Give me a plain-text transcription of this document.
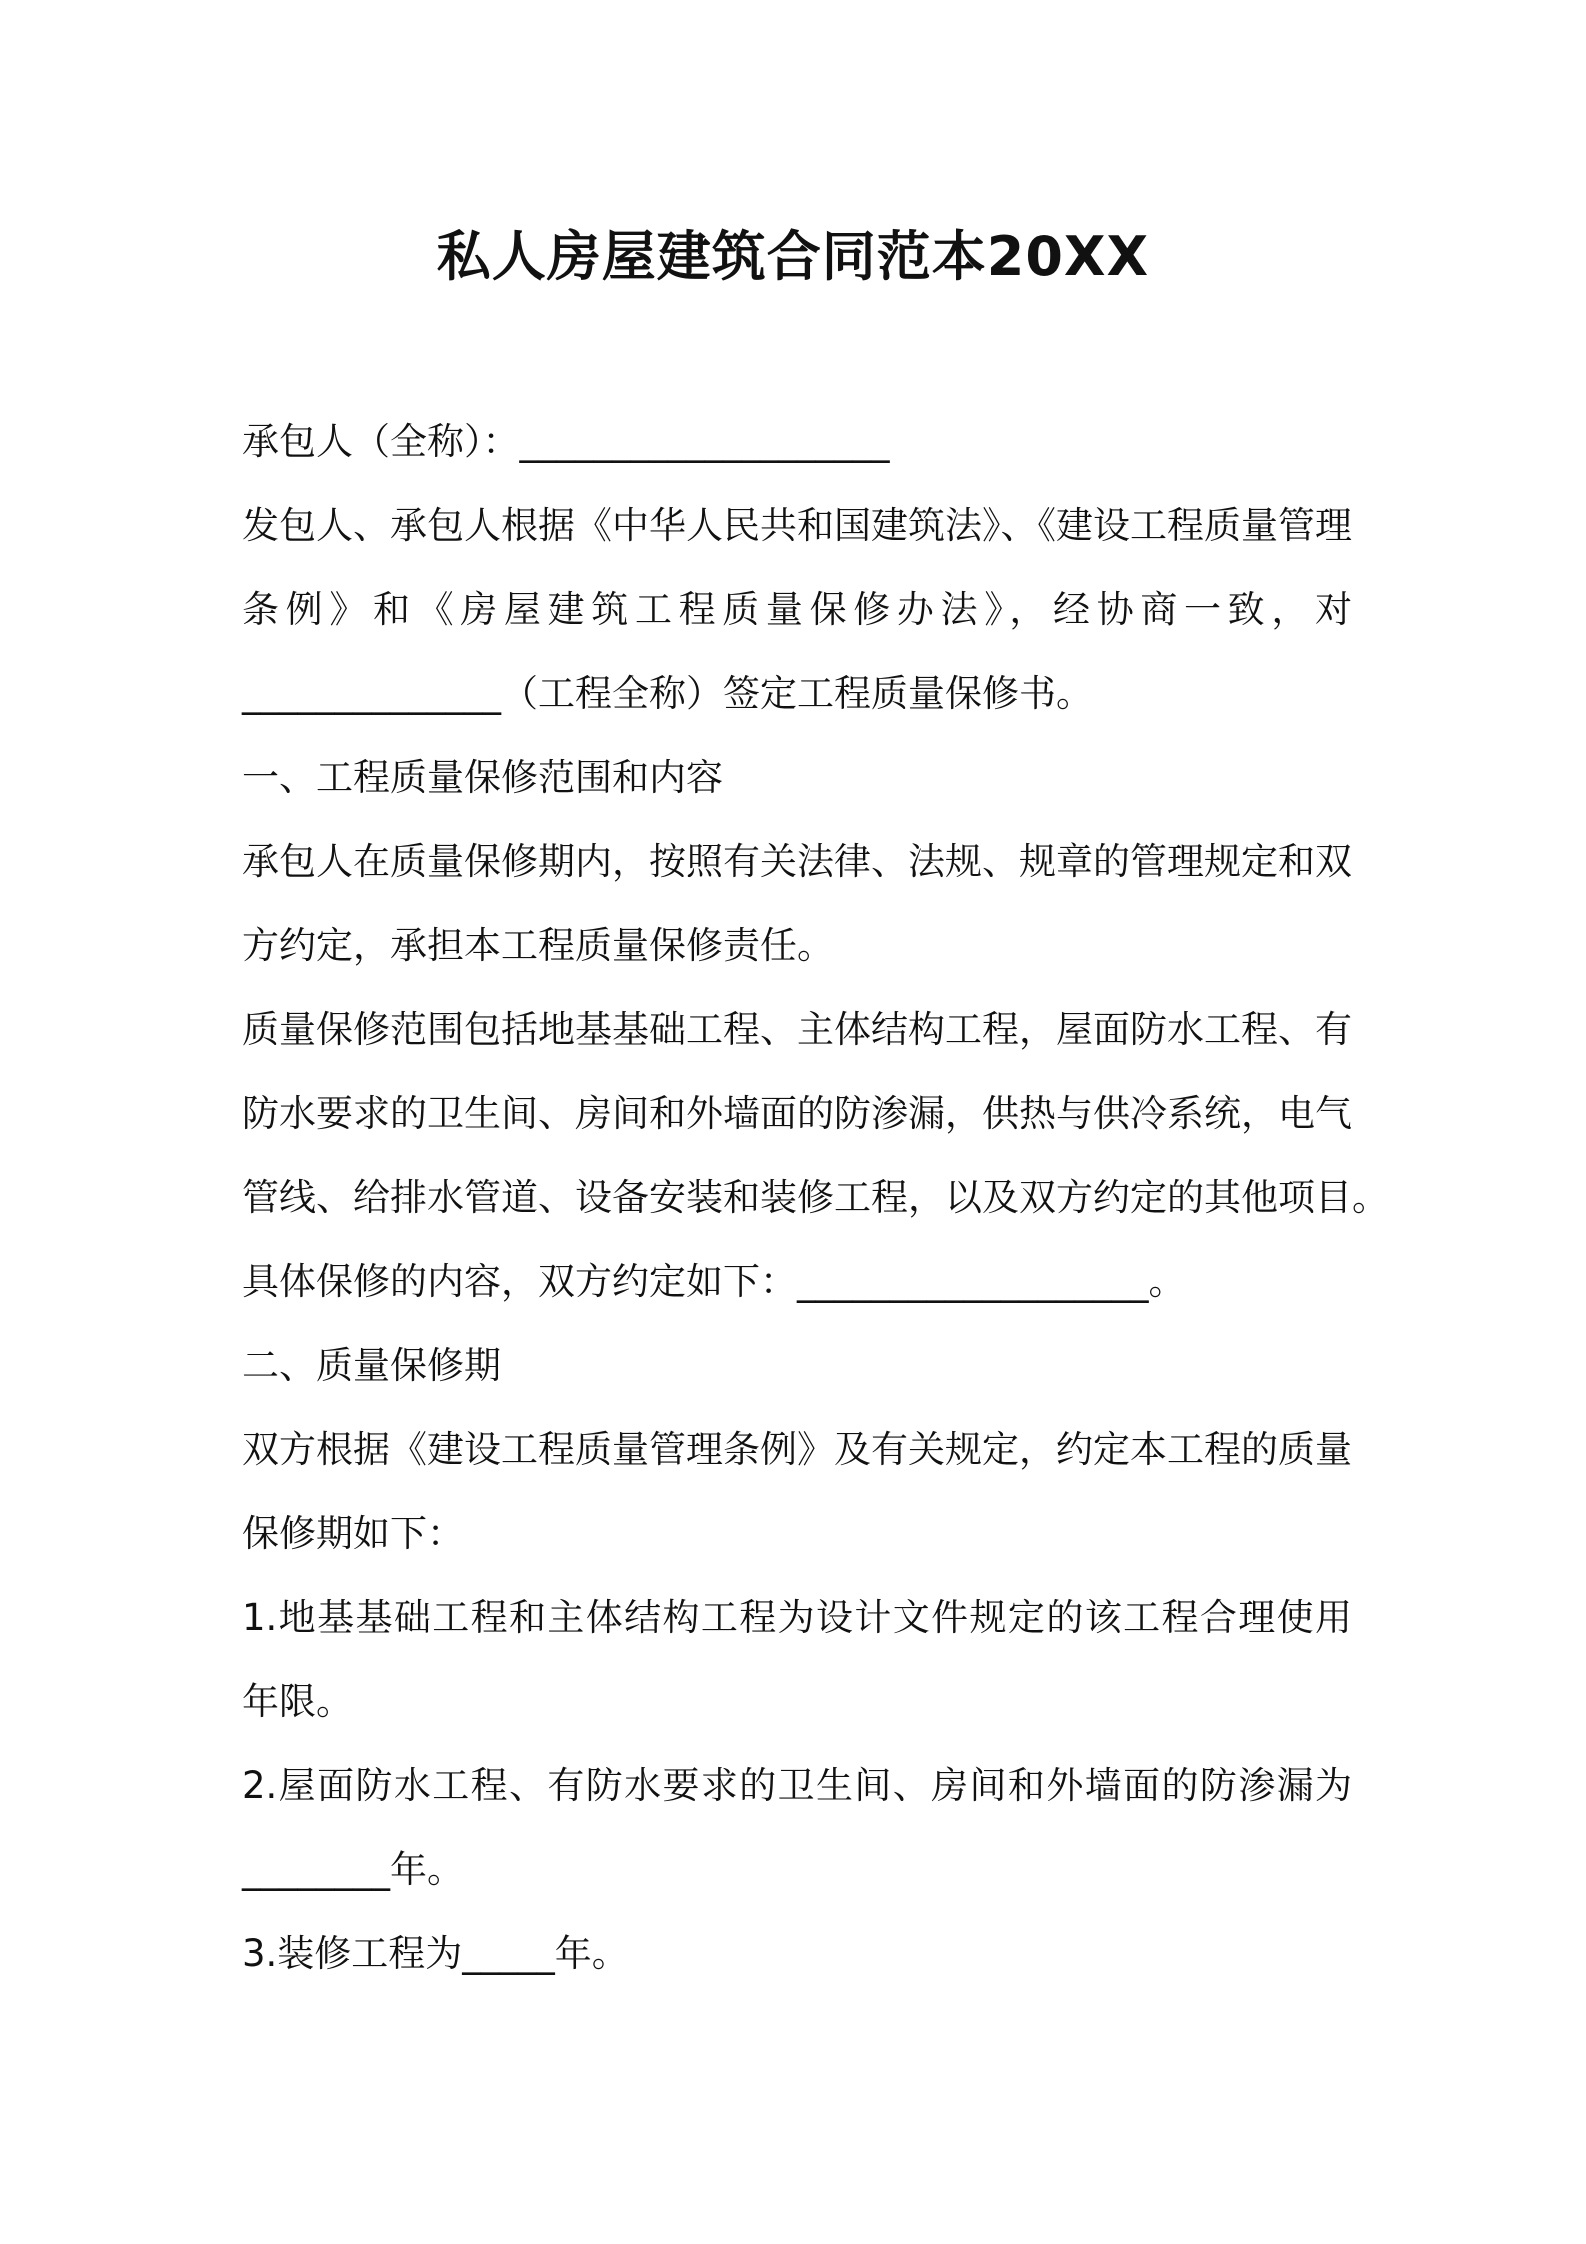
私人房屋建筑合同范本20XX
承包人（全称）：____________________
发包人、承包人根据《中华人民共和国建筑法》、《建设工程质量管理
条例》和《房屋建筑工程质量保修办法》，经协商一致，对
______________（工程全称）签定工程质量保修书。
一、工程质量保修范围和内容
承包人在质量保修期内，按照有关法律、法规、规章的管理规定和双
方约定，承担本工程质量保修责任。
质量保修范围包括地基基础工程、主体结构工程，屋面防水工程、有
防水要求的卫生间、房间和外墙面的防渗漏，供热与供冷系统，电气
管线、给排水管道、设备安装和装修工程，以及双方约定的其他项目。
具体保修的内容，双方约定如下：___________________。
二、质量保修期
双方根据《建设工程质量管理条例》及有关规定，约定本工程的质量
保修期如下：
1.地基基础工程和主体结构工程为设计文件规定的该工程合理使用
年限。
2.屋面防水工程、有防水要求的卫生间、房间和外墙面的防渗漏为
________年。
3.装修工程为_____年。
